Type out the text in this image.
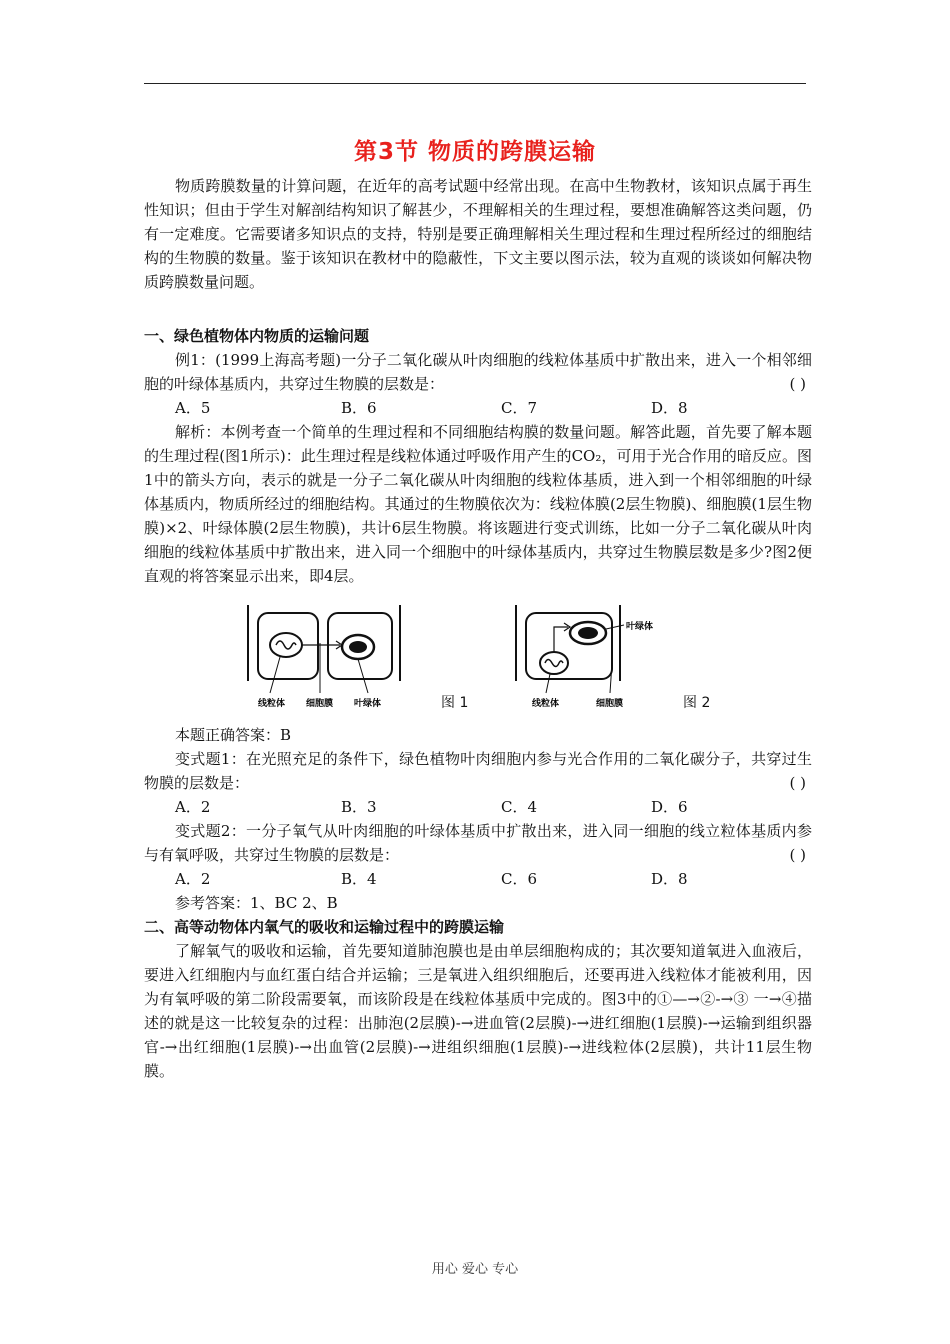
第3节 物质的跨膜运输

物质跨膜数量的计算问题，在近年的高考试题中经常出现。在高中生物教材，该知识点属于再生性知识；但由于学生对解剖结构知识了解甚少，不理解相关的生理过程，要想准确解答这类问题，仍有一定难度。它需要诸多知识点的支持，特别是要正确理解相关生理过程和生理过程所经过的细胞结构的生物膜的数量。鉴于该知识在教材中的隐蔽性，下文主要以图示法，较为直观的谈谈如何解决物质跨膜数量问题。

一、绿色植物体内物质的运输问题

例1：(1999上海高考题)一分子二氧化碳从叶肉细胞的线粒体基质中扩散出来，进入一个相邻细胞的叶绿体基质内，共穿过生物膜的层数是：	( )

A．5	B．6	C．7	D．8

解析：本例考查一个简单的生理过程和不同细胞结构膜的数量问题。解答此题，首先要了解本题的生理过程(图1所示)：此生理过程是线粒体通过呼吸作用产生的CO₂，可用于光合作用的暗反应。图1中的箭头方向，表示的就是一分子二氧化碳从叶肉细胞的线粒体基质，进入到一个相邻细胞的叶绿体基质内，物质所经过的细胞结构。其通过的生物膜依次为：线粒体膜(2层生物膜)、细胞膜(1层生物膜)×2、叶绿体膜(2层生物膜)，共计6层生物膜。将该题进行变式训练，比如一分子二氧化碳从叶肉细胞的线粒体基质中扩散出来，进入同一个细胞中的叶绿体基质内，共穿过生物膜层数是多少?图2便直观的将答案显示出来，即4层。

线粒体 细胞膜 叶绿体	图 1
叶绿体
线粒体	细胞膜	图 2

本题正确答案：B

变式题1：在光照充足的条件下，绿色植物叶肉细胞内参与光合作用的二氧化碳分子，共穿过生物膜的层数是：	( )

A．2	B．3	C．4	D．6

变式题2：一分子氧气从叶肉细胞的叶绿体基质中扩散出来，进入同一细胞的线立粒体基质内参与有氧呼吸，共穿过生物膜的层数是：	( )

A．2	B．4	C．6	D．8

参考答案：1、BC 2、B

二、高等动物体内氧气的吸收和运输过程中的跨膜运输

了解氧气的吸收和运输，首先要知道肺泡膜也是由单层细胞构成的；其次要知道氧进入血液后，要进入红细胞内与血红蛋白结合并运输；三是氧进入组织细胞后，还要再进入线粒体才能被利用，因为有氧呼吸的第二阶段需要氧，而该阶段是在线粒体基质中完成的。图3中的①—→②-→③ 一→④描述的就是这一比较复杂的过程：出肺泡(2层膜)-→进血管(2层膜)-→进红细胞(1层膜)-→运输到组织器官-→出红细胞(1层膜)-→出血管(2层膜)-→进组织细胞(1层膜)-→进线粒体(2层膜)，共计11层生物膜。

用心 爱心 专心
